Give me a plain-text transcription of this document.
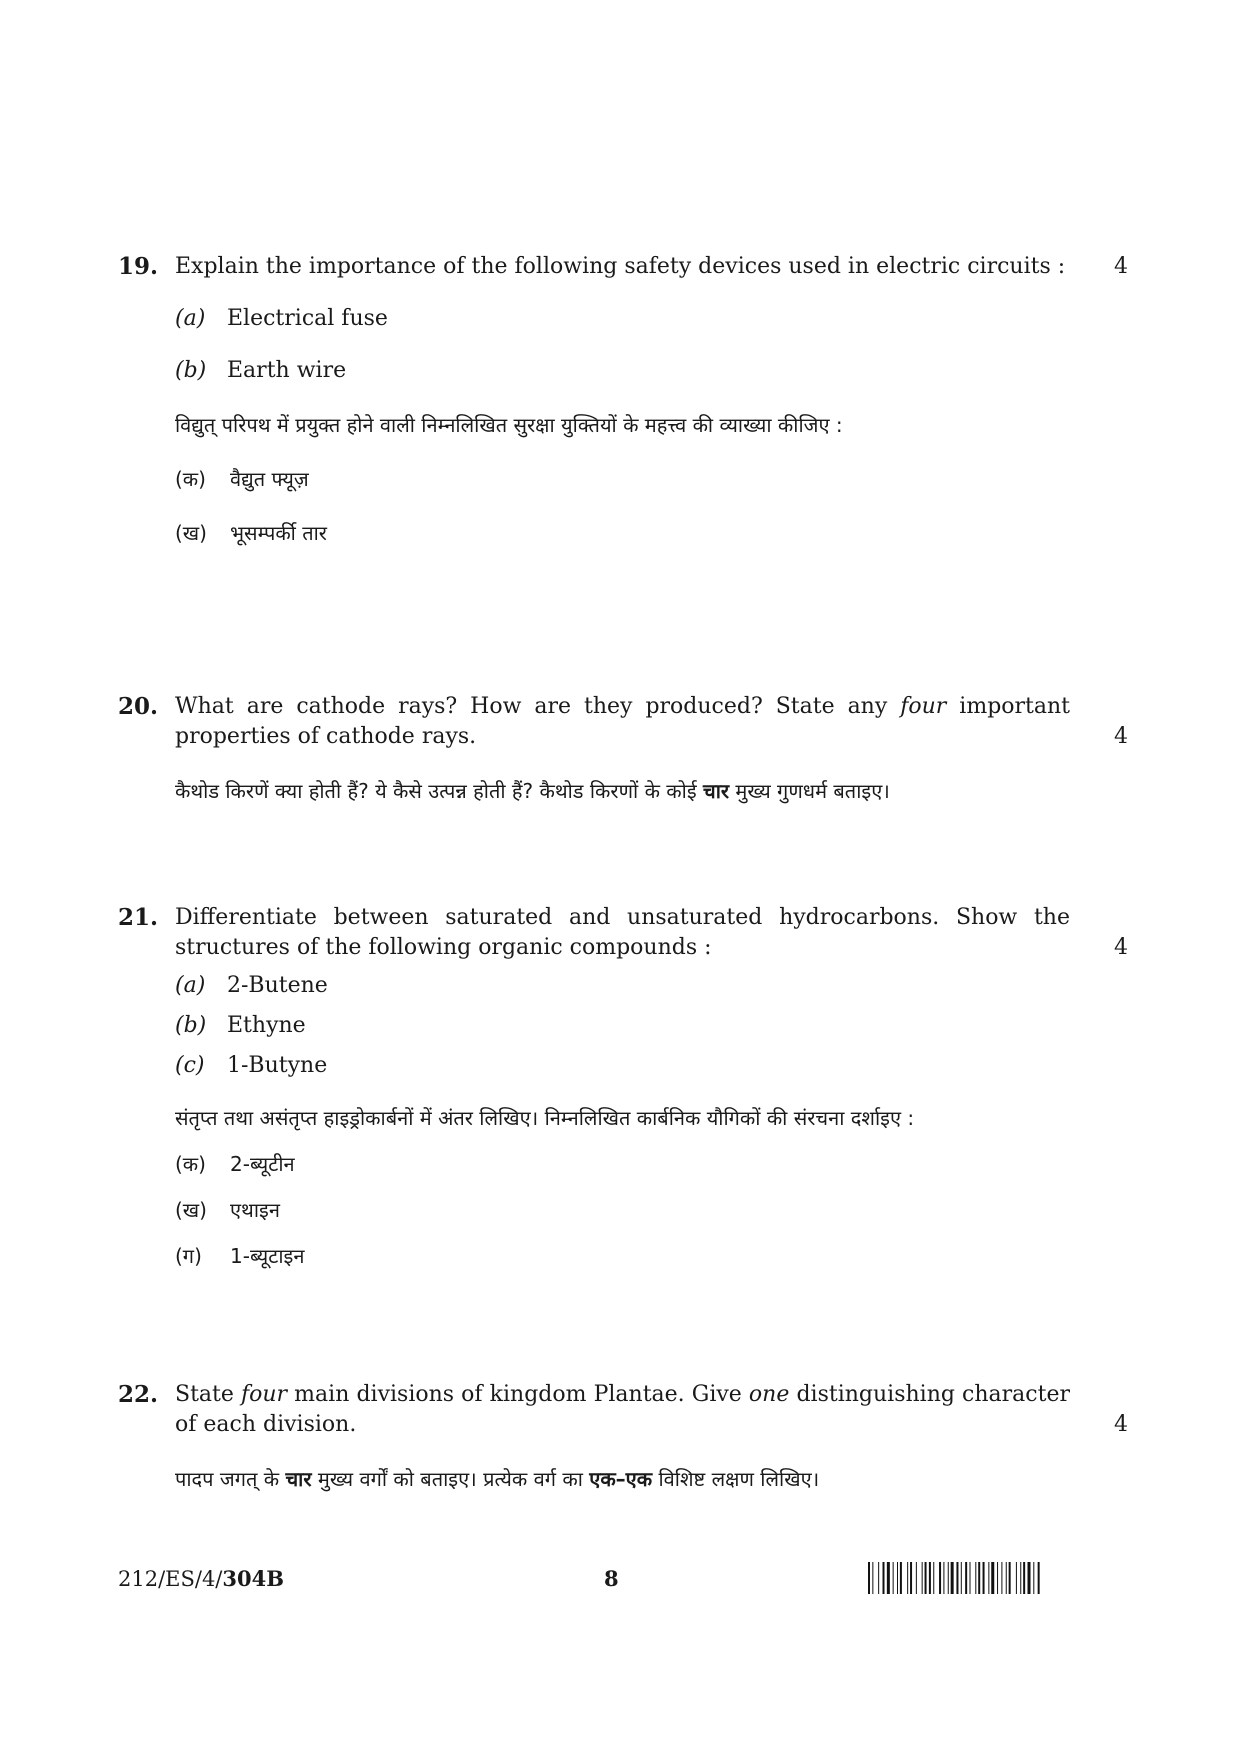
19. Explain the importance of the following safety devices used in electric circuits : 4
(a) Electrical fuse
(b) Earth wire
विद्युत् परिपथ में प्रयुक्त होने वाली निम्नलिखित सुरक्षा युक्तियों के महत्त्व की व्याख्या कीजिए :
(क)	वैद्युत फ्यूज़
(ख)	भूसम्पर्की तार
20. What are cathode rays? How are they produced? State any four important properties of cathode rays.	4
कैथोड किरणें क्या होती हैं? ये कैसे उत्पन्न होती हैं? कैथोड किरणों के कोई चार मुख्य गुणधर्म बताइए।
21. Differentiate between saturated and unsaturated hydrocarbons. Show the structures of the following organic compounds :	4
(a) 2-Butene
(b) Ethyne
(c)	1-Butyne
संतृप्त तथा असंतृप्त हाइड्रोकार्बनों में अंतर लिखिए। निम्नलिखित कार्बनिक यौगिकों की संरचना दर्शाइए :
(क)	2-ब्यूटीन
(ख)	एथाइन
(ग)	1-ब्यूटाइन
22. State four main divisions of kingdom Plantae. Give one distinguishing character of each division.	4
पादप जगत् के चार मुख्य वर्गों को बताइए। प्रत्येक वर्ग का एक–एक विशिष्ट लक्षण लिखिए।
212/ES/4/304B	8
